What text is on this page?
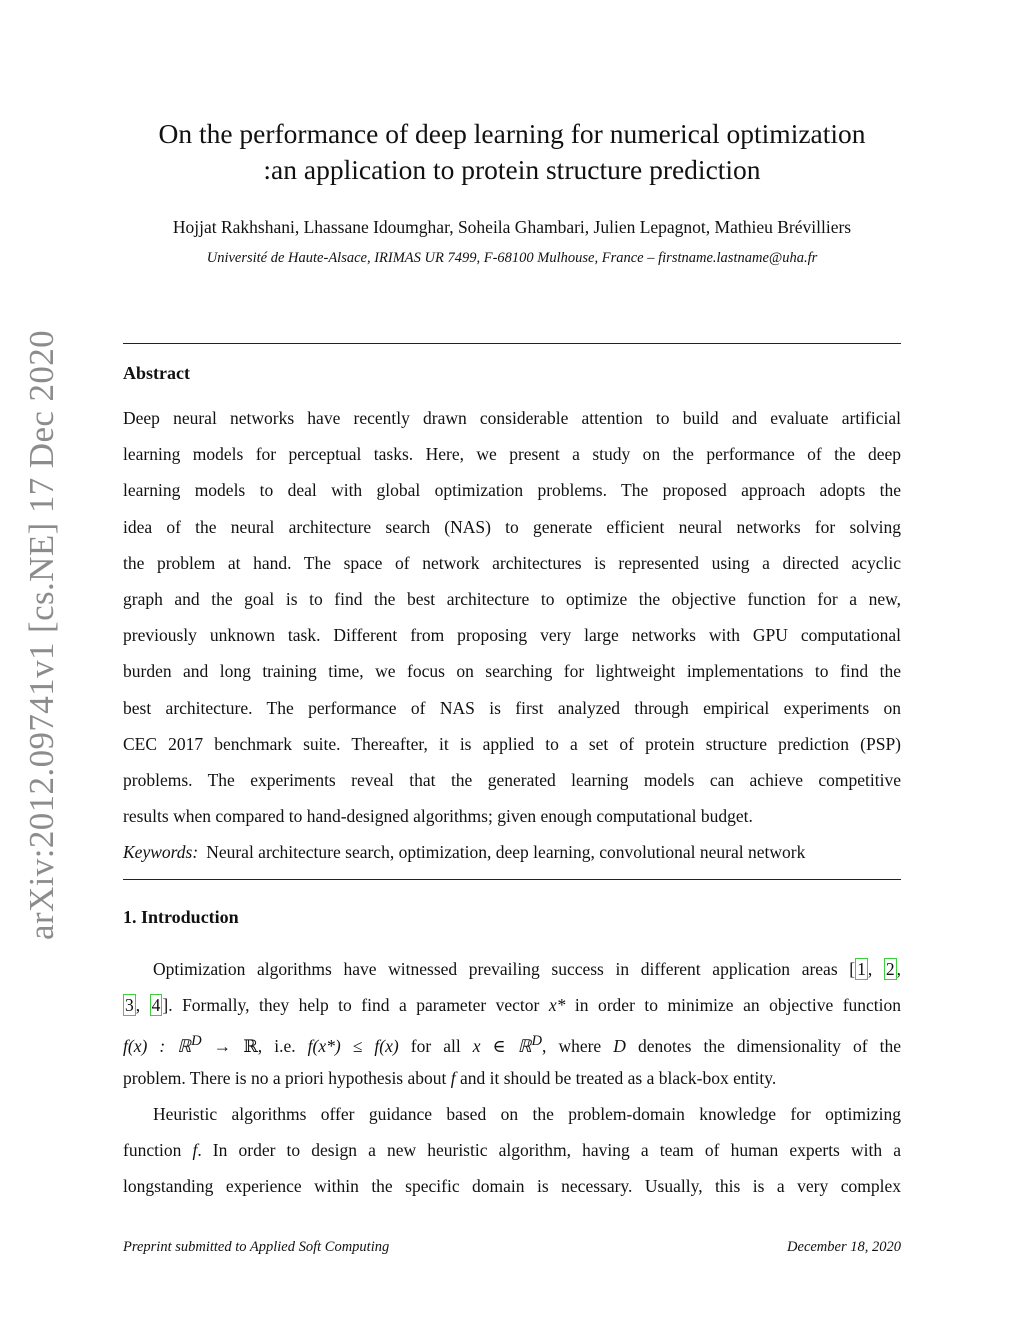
arXiv:2012.09741v1 [cs.NE] 17 Dec 2020
On the performance of deep learning for numerical optimization
:an application to protein structure prediction
Hojjat Rakhshani, Lhassane Idoumghar, Soheila Ghambari, Julien Lepagnot, Mathieu Brévilliers
Université de Haute-Alsace, IRIMAS UR 7499, F-68100 Mulhouse, France – firstname.lastname@uha.fr
Abstract
Deep neural networks have recently drawn considerable attention to build and evaluate artificial
learning models for perceptual tasks. Here, we present a study on the performance of the deep
learning models to deal with global optimization problems. The proposed approach adopts the
idea of the neural architecture search (NAS) to generate efficient neural networks for solving
the problem at hand. The space of network architectures is represented using a directed acyclic
graph and the goal is to find the best architecture to optimize the objective function for a new,
previously unknown task. Different from proposing very large networks with GPU computational
burden and long training time, we focus on searching for lightweight implementations to find the
best architecture. The performance of NAS is first analyzed through empirical experiments on
CEC 2017 benchmark suite. Thereafter, it is applied to a set of protein structure prediction (PSP)
problems. The experiments reveal that the generated learning models can achieve competitive
results when compared to hand-designed algorithms; given enough computational budget.
Keywords: Neural architecture search, optimization, deep learning, convolutional neural network
1. Introduction
Optimization algorithms have witnessed prevailing success in different application areas [ 1 , 2 ,
3 , 4 ]. Formally, they help to find a parameter vector x* in order to minimize an objective function
f(x) : ℝ$^D$ → ℝ, i.e. f(x*) ≤ f(x) for all x ∈ ℝ$^D$, where D denotes the dimensionality of the
problem. There is no a priori hypothesis about f and it should be treated as a black-box entity.
Heuristic algorithms offer guidance based on the problem-domain knowledge for optimizing
function f. In order to design a new heuristic algorithm, having a team of human experts with a
longstanding experience within the specific domain is necessary. Usually, this is a very complex
Preprint submitted to Applied Soft Computing	December 18, 2020
